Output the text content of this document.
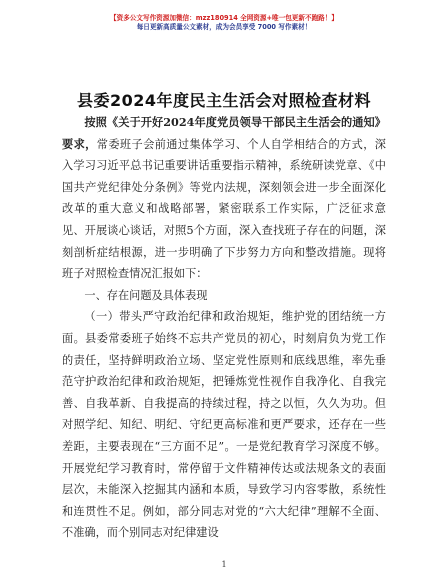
【资多公文写作资源加微信：mzz180914 全网资源+唯一包更新不跑路！】
每日更新高质量公文素材，成为会员享受 7000 写作素材！
县委2024年度民主生活会对照检查材料

按照《关于开好2024年度党员领导干部民主生活会的通知》要求，常委班子会前通过集体学习、个人自学相结合的方式，深入学习习近平总书记重要讲话重要指示精神，系统研读党章、《中国共产党纪律处分条例》等党内法规，深刻领会进一步全面深化改革的重大意义和战略部署，紧密联系工作实际，广泛征求意见、开展谈心谈话，对照5个方面，深入查找班子存在的问题，深刻剖析症结根源，进一步明确了下步努力方向和整改措施。现将班子对照检查情况汇报如下：

一、存在问题及具体表现

（一）带头严守政治纪律和政治规矩，维护党的团结统一方面。县委常委班子始终不忘共产党员的初心，时刻肩负为党工作的责任，坚持鲜明政治立场、坚定党性原则和底线思维，率先垂范守护政治纪律和政治规矩，把锤炼党性视作自我净化、自我完善、自我革新、自我提高的持续过程，持之以恒，久久为功。但对照学纪、知纪、明纪、守纪更高标准和更严要求，还存在一些差距，主要表现在“三方面不足”。一是党纪教育学习深度不够。开展党纪学习教育时，常停留于文件精神传达或法规条文的表面层次，未能深入挖掘其内涵和本质，导致学习内容零散，系统性和连贯性不足。例如，部分同志对党的“六大纪律”理解不全面、不准确，而个别同志对纪律建设

1
